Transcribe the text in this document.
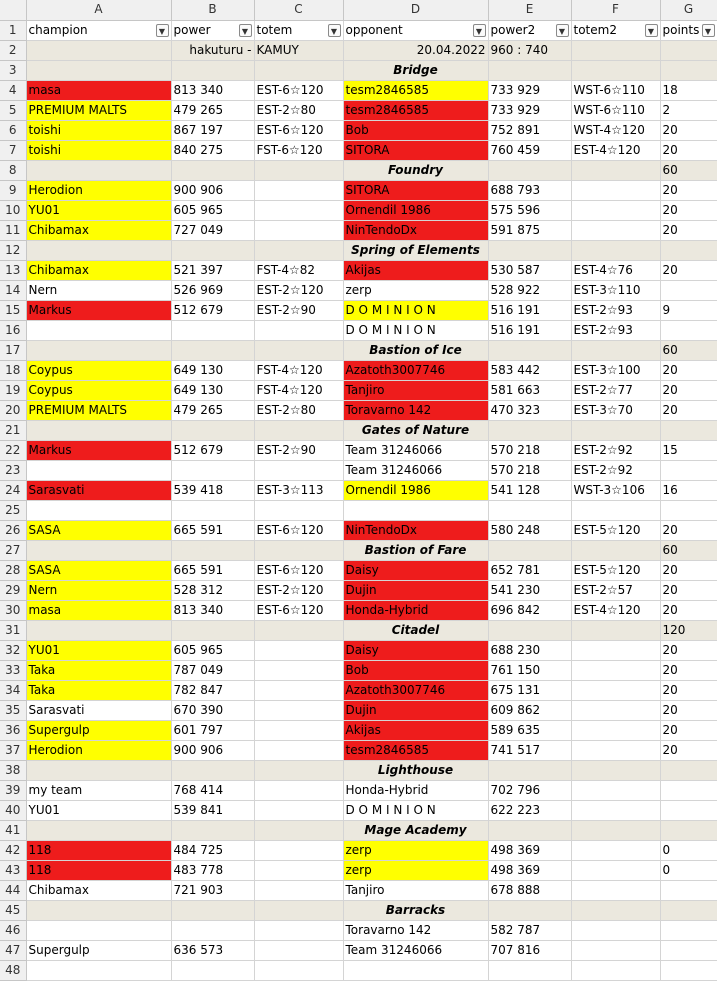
	A	B	C	D	E	F	G
1	champion ▼	power ▼	totem ▼	opponent ▼	power2 ▼	totem2 ▼	points ▼

2		hakuturu -	KAMUY	20.04.2022	960 : 740		
3				Bridge			
4	masa	813 340	EST-6☆120	tesm2846585	733 929	WST-6☆110	18
5	PREMIUM MALTS	479 265	EST-2☆80	tesm2846585	733 929	WST-6☆110	2
6	toishi	867 197	EST-6☆120	Bob	752 891	WST-4☆120	20
7	toishi	840 275	FST-6☆120	SITORA	760 459	EST-4☆120	20
8				Foundry			60
9	Herodion	900 906		SITORA	688 793		20
10	YU01	605 965		Ornendil 1986	575 596		20
11	Chibamax	727 049		NinTendoDx	591 875		20
12				Spring of Elements			
13	Chibamax	521 397	FST-4☆82	Akijas	530 587	EST-4☆76	20
14	Nern	526 969	EST-2☆120	zerp	528 922	EST-3☆110	
15	Markus	512 679	EST-2☆90	D O M I N I O N	516 191	EST-2☆93	9
16				D O M I N I O N	516 191	EST-2☆93	
17				Bastion of Ice			60
18	Coypus	649 130	FST-4☆120	Azatoth3007746	583 442	EST-3☆100	20
19	Coypus	649 130	FST-4☆120	Tanjiro	581 663	EST-2☆77	20
20	PREMIUM MALTS	479 265	EST-2☆80	Toravarno 142	470 323	EST-3☆70	20
21				Gates of Nature			
22	Markus	512 679	EST-2☆90	Team 31246066	570 218	EST-2☆92	15
23				Team 31246066	570 218	EST-2☆92	
24	Sarasvati	539 418	EST-3☆113	Ornendil 1986	541 128	WST-3☆106	16
25							
26	SASA	665 591	EST-6☆120	NinTendoDx	580 248	EST-5☆120	20
27				Bastion of Fare			60
28	SASA	665 591	EST-6☆120	Daisy	652 781	EST-5☆120	20
29	Nern	528 312	EST-2☆120	Dujin	541 230	EST-2☆57	20
30	masa	813 340	EST-6☆120	Honda-Hybrid	696 842	EST-4☆120	20
31				Citadel			120
32	YU01	605 965		Daisy	688 230		20
33	Taka	787 049		Bob	761 150		20
34	Taka	782 847		Azatoth3007746	675 131		20
35	Sarasvati	670 390		Dujin	609 862		20
36	Supergulp	601 797		Akijas	589 635		20
37	Herodion	900 906		tesm2846585	741 517		20
38				Lighthouse			
39	my team	768 414		Honda-Hybrid	702 796		
40	YU01	539 841		D O M I N I O N	622 223		
41				Mage Academy			
42	118	484 725		zerp	498 369		0
43	118	483 778		zerp	498 369		0
44	Chibamax	721 903		Tanjiro	678 888		
45				Barracks			
46				Toravarno 142	582 787		
47	Supergulp	636 573		Team 31246066	707 816		
48							
